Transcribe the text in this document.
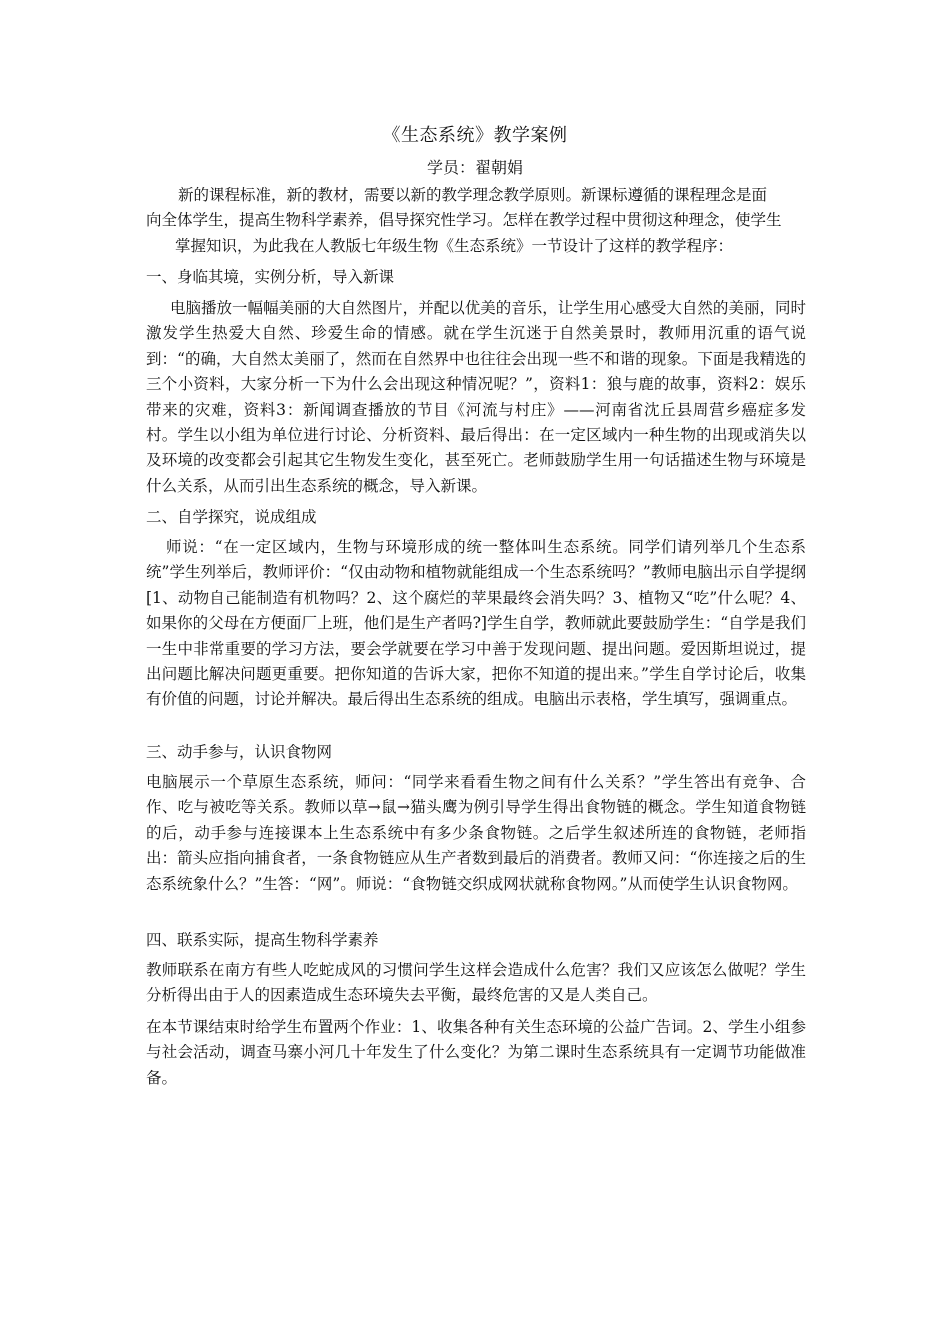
《生态系统》教学案例
学员：翟朝娟

新的课程标准，新的教材，需要以新的教学理念教学原则。新课标遵循的课程理念是面

向全体学生，提高生物科学素养，倡导探究性学习。怎样在教学过程中贯彻这种理念，使学生

掌握知识，为此我在人教版七年级生物《生态系统》一节设计了这样的教学程序：

一、身临其境，实例分析，导入新课

电脑播放一幅幅美丽的大自然图片，并配以优美的音乐，让学生用心感受大自然的美丽，同时激发学生热爱大自然、珍爱生命的情感。就在学生沉迷于自然美景时，教师用沉重的语气说到：“的确，大自然太美丽了，然而在自然界中也往往会出现一些不和谐的现象。下面是我精选的三个小资料，大家分析一下为什么会出现这种情况呢？”，资料1：狼与鹿的故事，资料2：娱乐带来的灾难，资料3：新闻调查播放的节目《河流与村庄》——河南省沈丘县周营乡癌症多发村。学生以小组为单位进行讨论、分析资料、最后得出：在一定区域内一种生物的出现或消失以及环境的改变都会引起其它生物发生变化，甚至死亡。老师鼓励学生用一句话描述生物与环境是什么关系，从而引出生态系统的概念，导入新课。

二、自学探究，说成组成

师说：“在一定区域内，生物与环境形成的统一整体叫生态系统。同学们请列举几个生态系统”学生列举后，教师评价：“仅由动物和植物就能组成一个生态系统吗？”教师电脑出示自学提纲[1、动物自己能制造有机物吗？2、这个腐烂的苹果最终会消失吗？3、植物又“吃”什么呢？4、如果你的父母在方便面厂上班，他们是生产者吗?]学生自学，教师就此要鼓励学生：“自学是我们一生中非常重要的学习方法，要会学就要在学习中善于发现问题、提出问题。爱因斯坦说过，提出问题比解决问题更重要。把你知道的告诉大家，把你不知道的提出来。”学生自学讨论后，收集有价值的问题，讨论并解决。最后得出生态系统的组成。电脑出示表格，学生填写，强调重点。

三、动手参与，认识食物网

电脑展示一个草原生态系统，师问：“同学来看看生物之间有什么关系？”学生答出有竞争、合作、吃与被吃等关系。教师以草→鼠→猫头鹰为例引导学生得出食物链的概念。学生知道食物链的后，动手参与连接课本上生态系统中有多少条食物链。之后学生叙述所连的食物链，老师指出：箭头应指向捕食者，一条食物链应从生产者数到最后的消费者。教师又问：“你连接之后的生态系统象什么？”生答：“网”。师说：“食物链交织成网状就称食物网。”从而使学生认识食物网。

四、联系实际，提高生物科学素养

教师联系在南方有些人吃蛇成风的习惯问学生这样会造成什么危害？我们又应该怎么做呢？学生分析得出由于人的因素造成生态环境失去平衡，最终危害的又是人类自己。

在本节课结束时给学生布置两个作业：1、收集各种有关生态环境的公益广告词。2、学生小组参与社会活动，调查马寨小河几十年发生了什么变化？为第二课时生态系统具有一定调节功能做准备。
